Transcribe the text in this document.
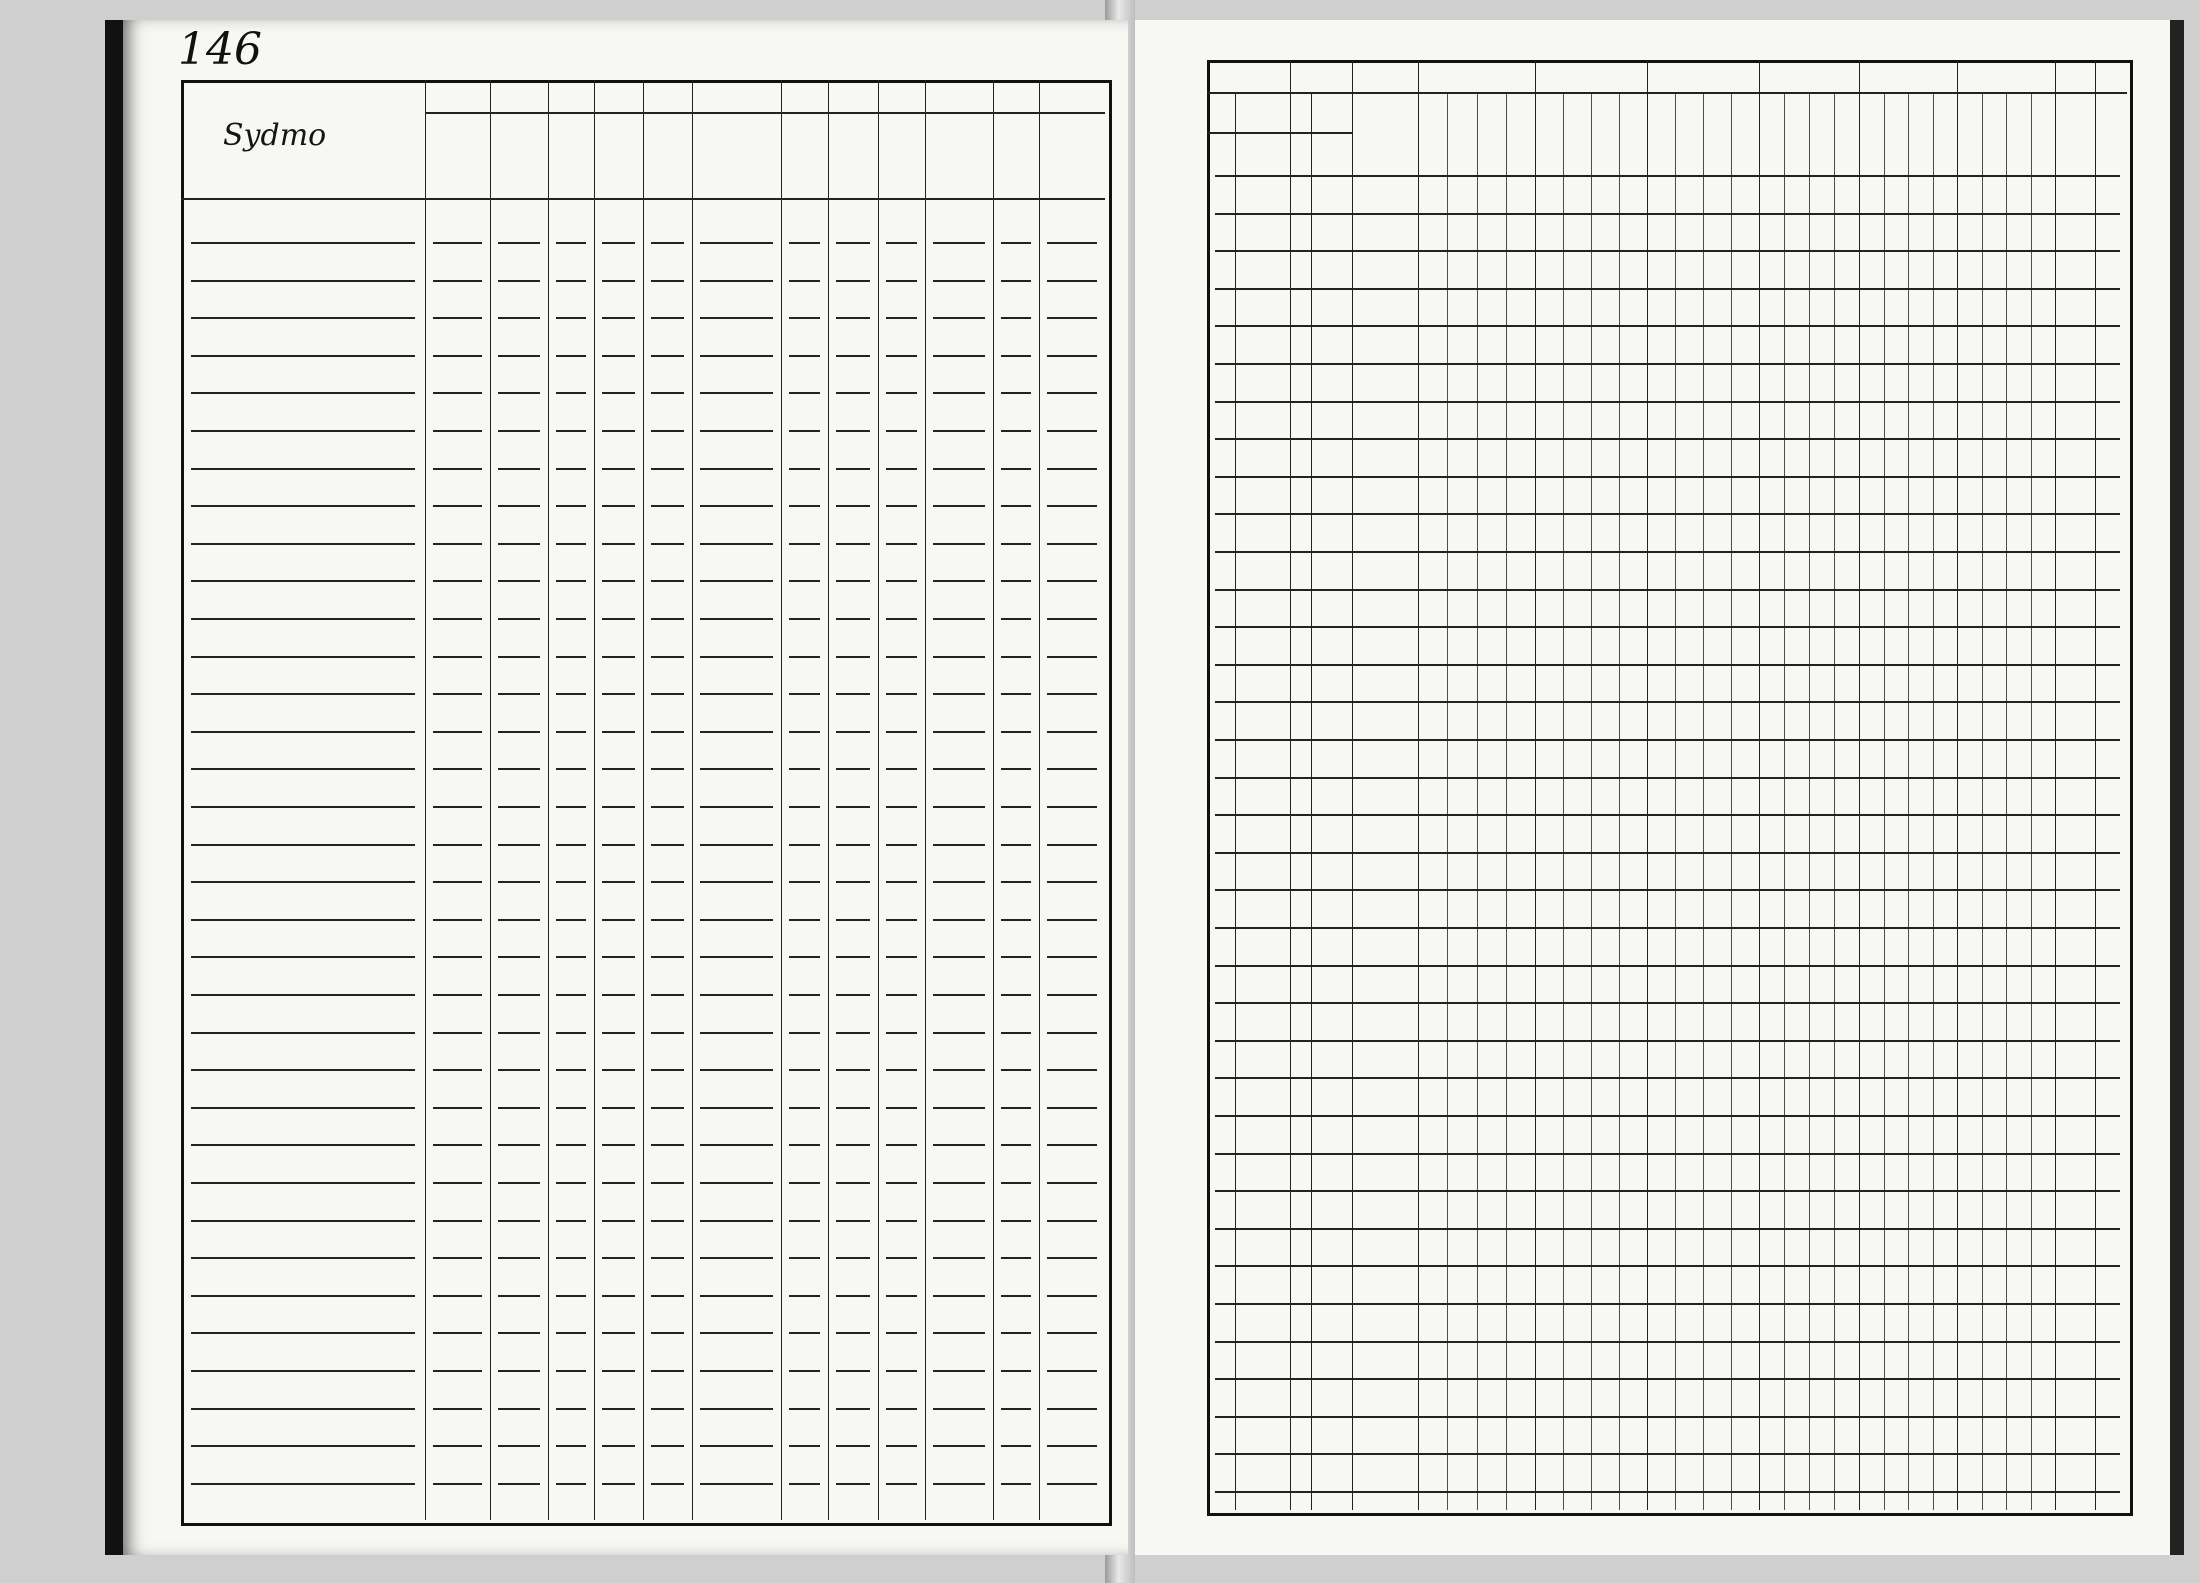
146
Sydmo
